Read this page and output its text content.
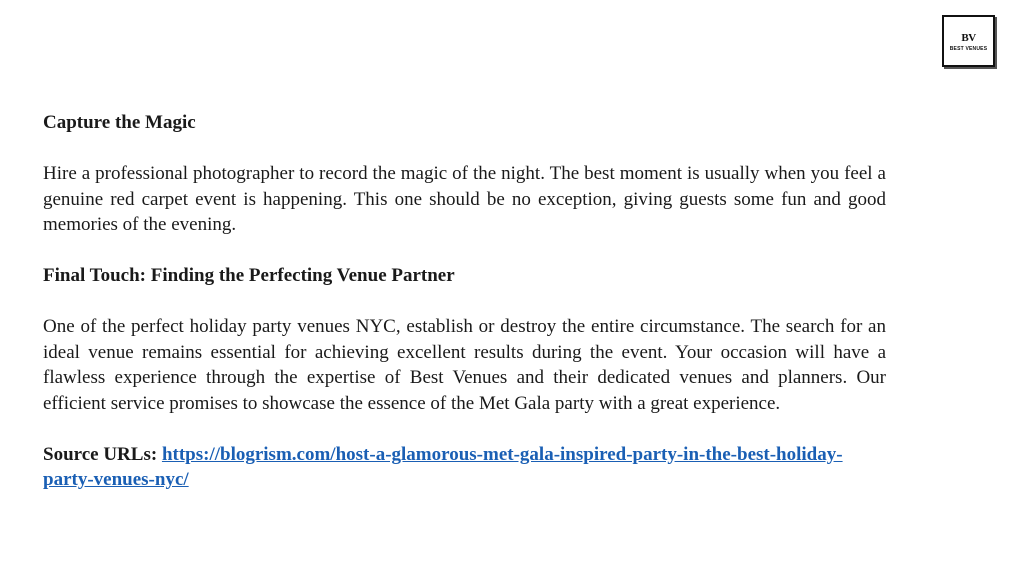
BV
BEST VENUES

Capture the Magic

Hire a professional photographer to record the magic of the night. The best moment is usually when you feel a genuine red carpet event is happening. This one should be no exception, giving guests some fun and good memories of the evening.

Final Touch: Finding the Perfecting Venue Partner

One of the perfect holiday party venues NYC, establish or destroy the entire circumstance. The search for an ideal venue remains essential for achieving excellent results during the event. Your occasion will have a flawless experience through the expertise of Best Venues and their dedicated venues and planners. Our efficient service promises to showcase the essence of the Met Gala party with a great experience.

Source URLs: https://blogrism.com/host-a-glamorous-met-gala-inspired-party-in-the-best-holiday-party-venues-nyc/
